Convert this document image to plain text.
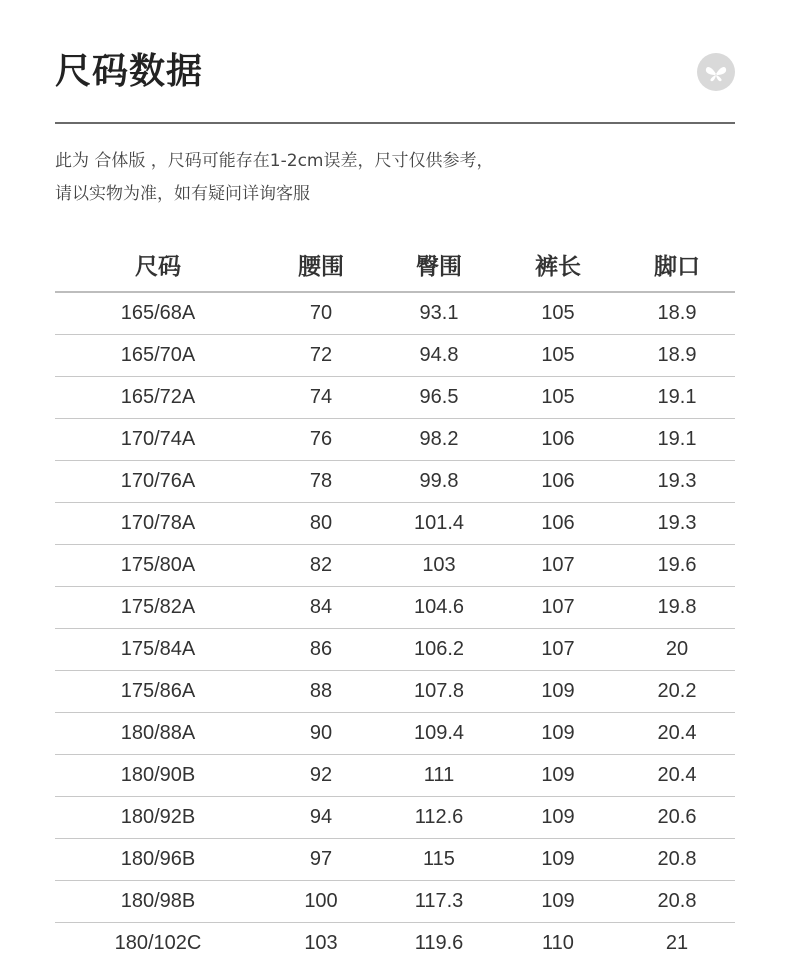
尺码数据
此为 合体版 ，尺码可能存在1-2cm误差，尺寸仅供参考，
请以实物为准，如有疑问详询客服
尺码	腰围	臀围	裤长	脚口
165/68A	70	93.1	105	18.9
165/70A	72	94.8	105	18.9
165/72A	74	96.5	105	19.1
170/74A	76	98.2	106	19.1
170/76A	78	99.8	106	19.3
170/78A	80	101.4	106	19.3
175/80A	82	103	107	19.6
175/82A	84	104.6	107	19.8
175/84A	86	106.2	107	20
175/86A	88	107.8	109	20.2
180/88A	90	109.4	109	20.4
180/90B	92	111	109	20.4
180/92B	94	112.6	109	20.6
180/96B	97	115	109	20.8
180/98B	100	117.3	109	20.8
180/102C	103	119.6	110	21
